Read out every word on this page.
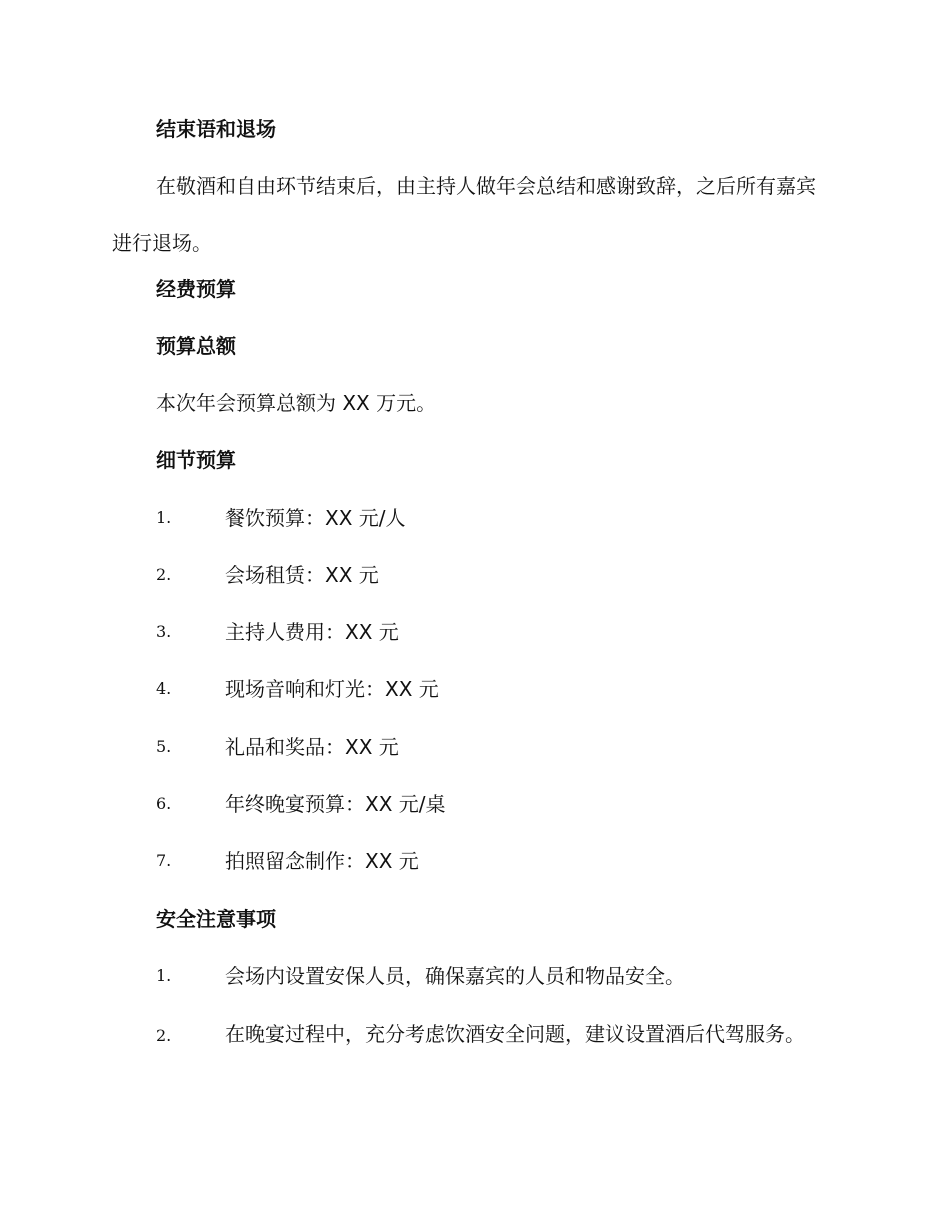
结束语和退场
在敬酒和自由环节结束后，由主持人做年会总结和感谢致辞，之后所有嘉宾进行退场。
经费预算
预算总额
本次年会预算总额为 XX 万元。
细节预算
1.	餐饮预算：XX 元/人
2.	会场租赁：XX 元
3.	主持人费用：XX 元
4.	现场音响和灯光：XX 元
5.	礼品和奖品：XX 元
6.	年终晚宴预算：XX 元/桌
7.	拍照留念制作：XX 元
安全注意事项
1.	会场内设置安保人员，确保嘉宾的人员和物品安全。
2.	在晚宴过程中，充分考虑饮酒安全问题，建议设置酒后代驾服务。
